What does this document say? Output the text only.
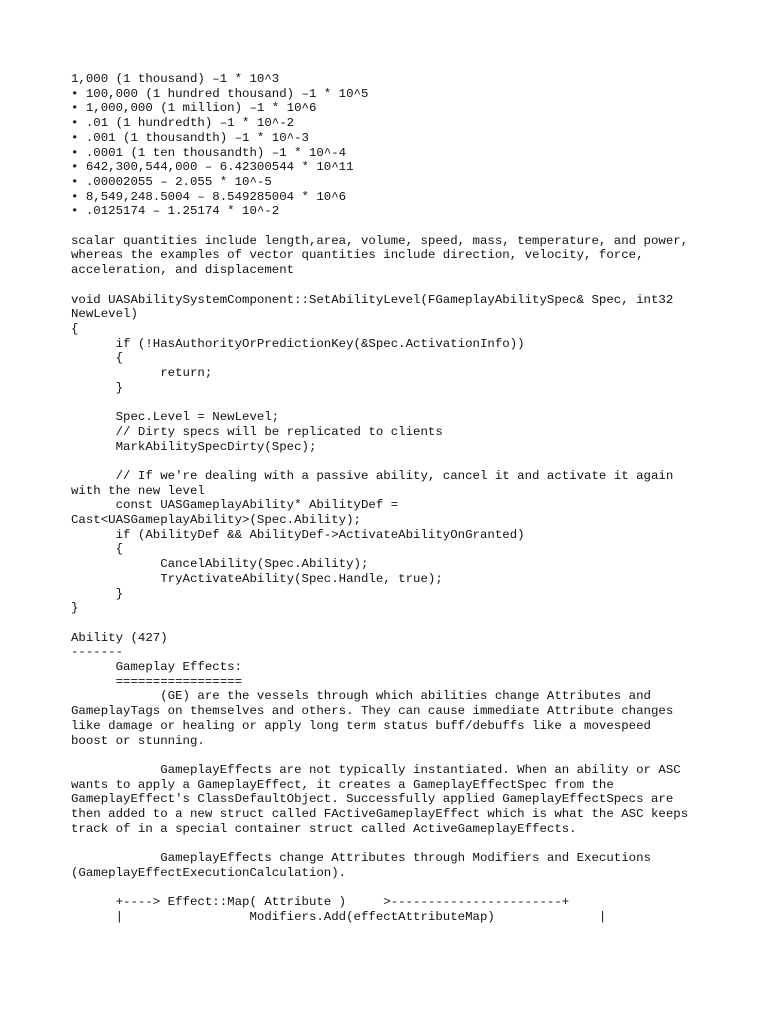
1,000 (1 thousand) –1 * 10^3
• 100,000 (1 hundred thousand) –1 * 10^5
• 1,000,000 (1 million) –1 * 10^6
• .01 (1 hundredth) –1 * 10^-2
• .001 (1 thousandth) –1 * 10^-3
• .0001 (1 ten thousandth) –1 * 10^-4
• 642,300,544,000 – 6.42300544 * 10^11
• .00002055 – 2.055 * 10^-5
• 8,549,248.5004 – 8.549285004 * 10^6
• .0125174 – 1.25174 * 10^-2
scalar quantities include length,area, volume, speed, mass, temperature, and power,
whereas the examples of vector quantities include direction, velocity, force,
acceleration, and displacement
void UASAbilitySystemComponent::SetAbilityLevel(FGameplayAbilitySpec& Spec, int32
NewLevel)
{
if (!HasAuthorityOrPredictionKey(&Spec.ActivationInfo))
{
return;
}
Spec.Level = NewLevel;
// Dirty specs will be replicated to clients
MarkAbilitySpecDirty(Spec);
// If we're dealing with a passive ability, cancel it and activate it again
with the new level
const UASGameplayAbility* AbilityDef =
Cast<UASGameplayAbility>(Spec.Ability);
if (AbilityDef && AbilityDef->ActivateAbilityOnGranted)
{
CancelAbility(Spec.Ability);
TryActivateAbility(Spec.Handle, true);
}
}
Ability (427)
-------
Gameplay Effects:
=================
(GE) are the vessels through which abilities change Attributes and
GameplayTags on themselves and others. They can cause immediate Attribute changes
like damage or healing or apply long term status buff/debuffs like a movespeed
boost or stunning.
GameplayEffects are not typically instantiated. When an ability or ASC
wants to apply a GameplayEffect, it creates a GameplayEffectSpec from the
GameplayEffect's ClassDefaultObject. Successfully applied GameplayEffectSpecs are
then added to a new struct called FActiveGameplayEffect which is what the ASC keeps
track of in a special container struct called ActiveGameplayEffects.
GameplayEffects change Attributes through Modifiers and Executions
(GameplayEffectExecutionCalculation).
+----> Effect::Map( Attribute )     >-----------------------+
|                 Modifiers.Add(effectAttributeMap)              |
